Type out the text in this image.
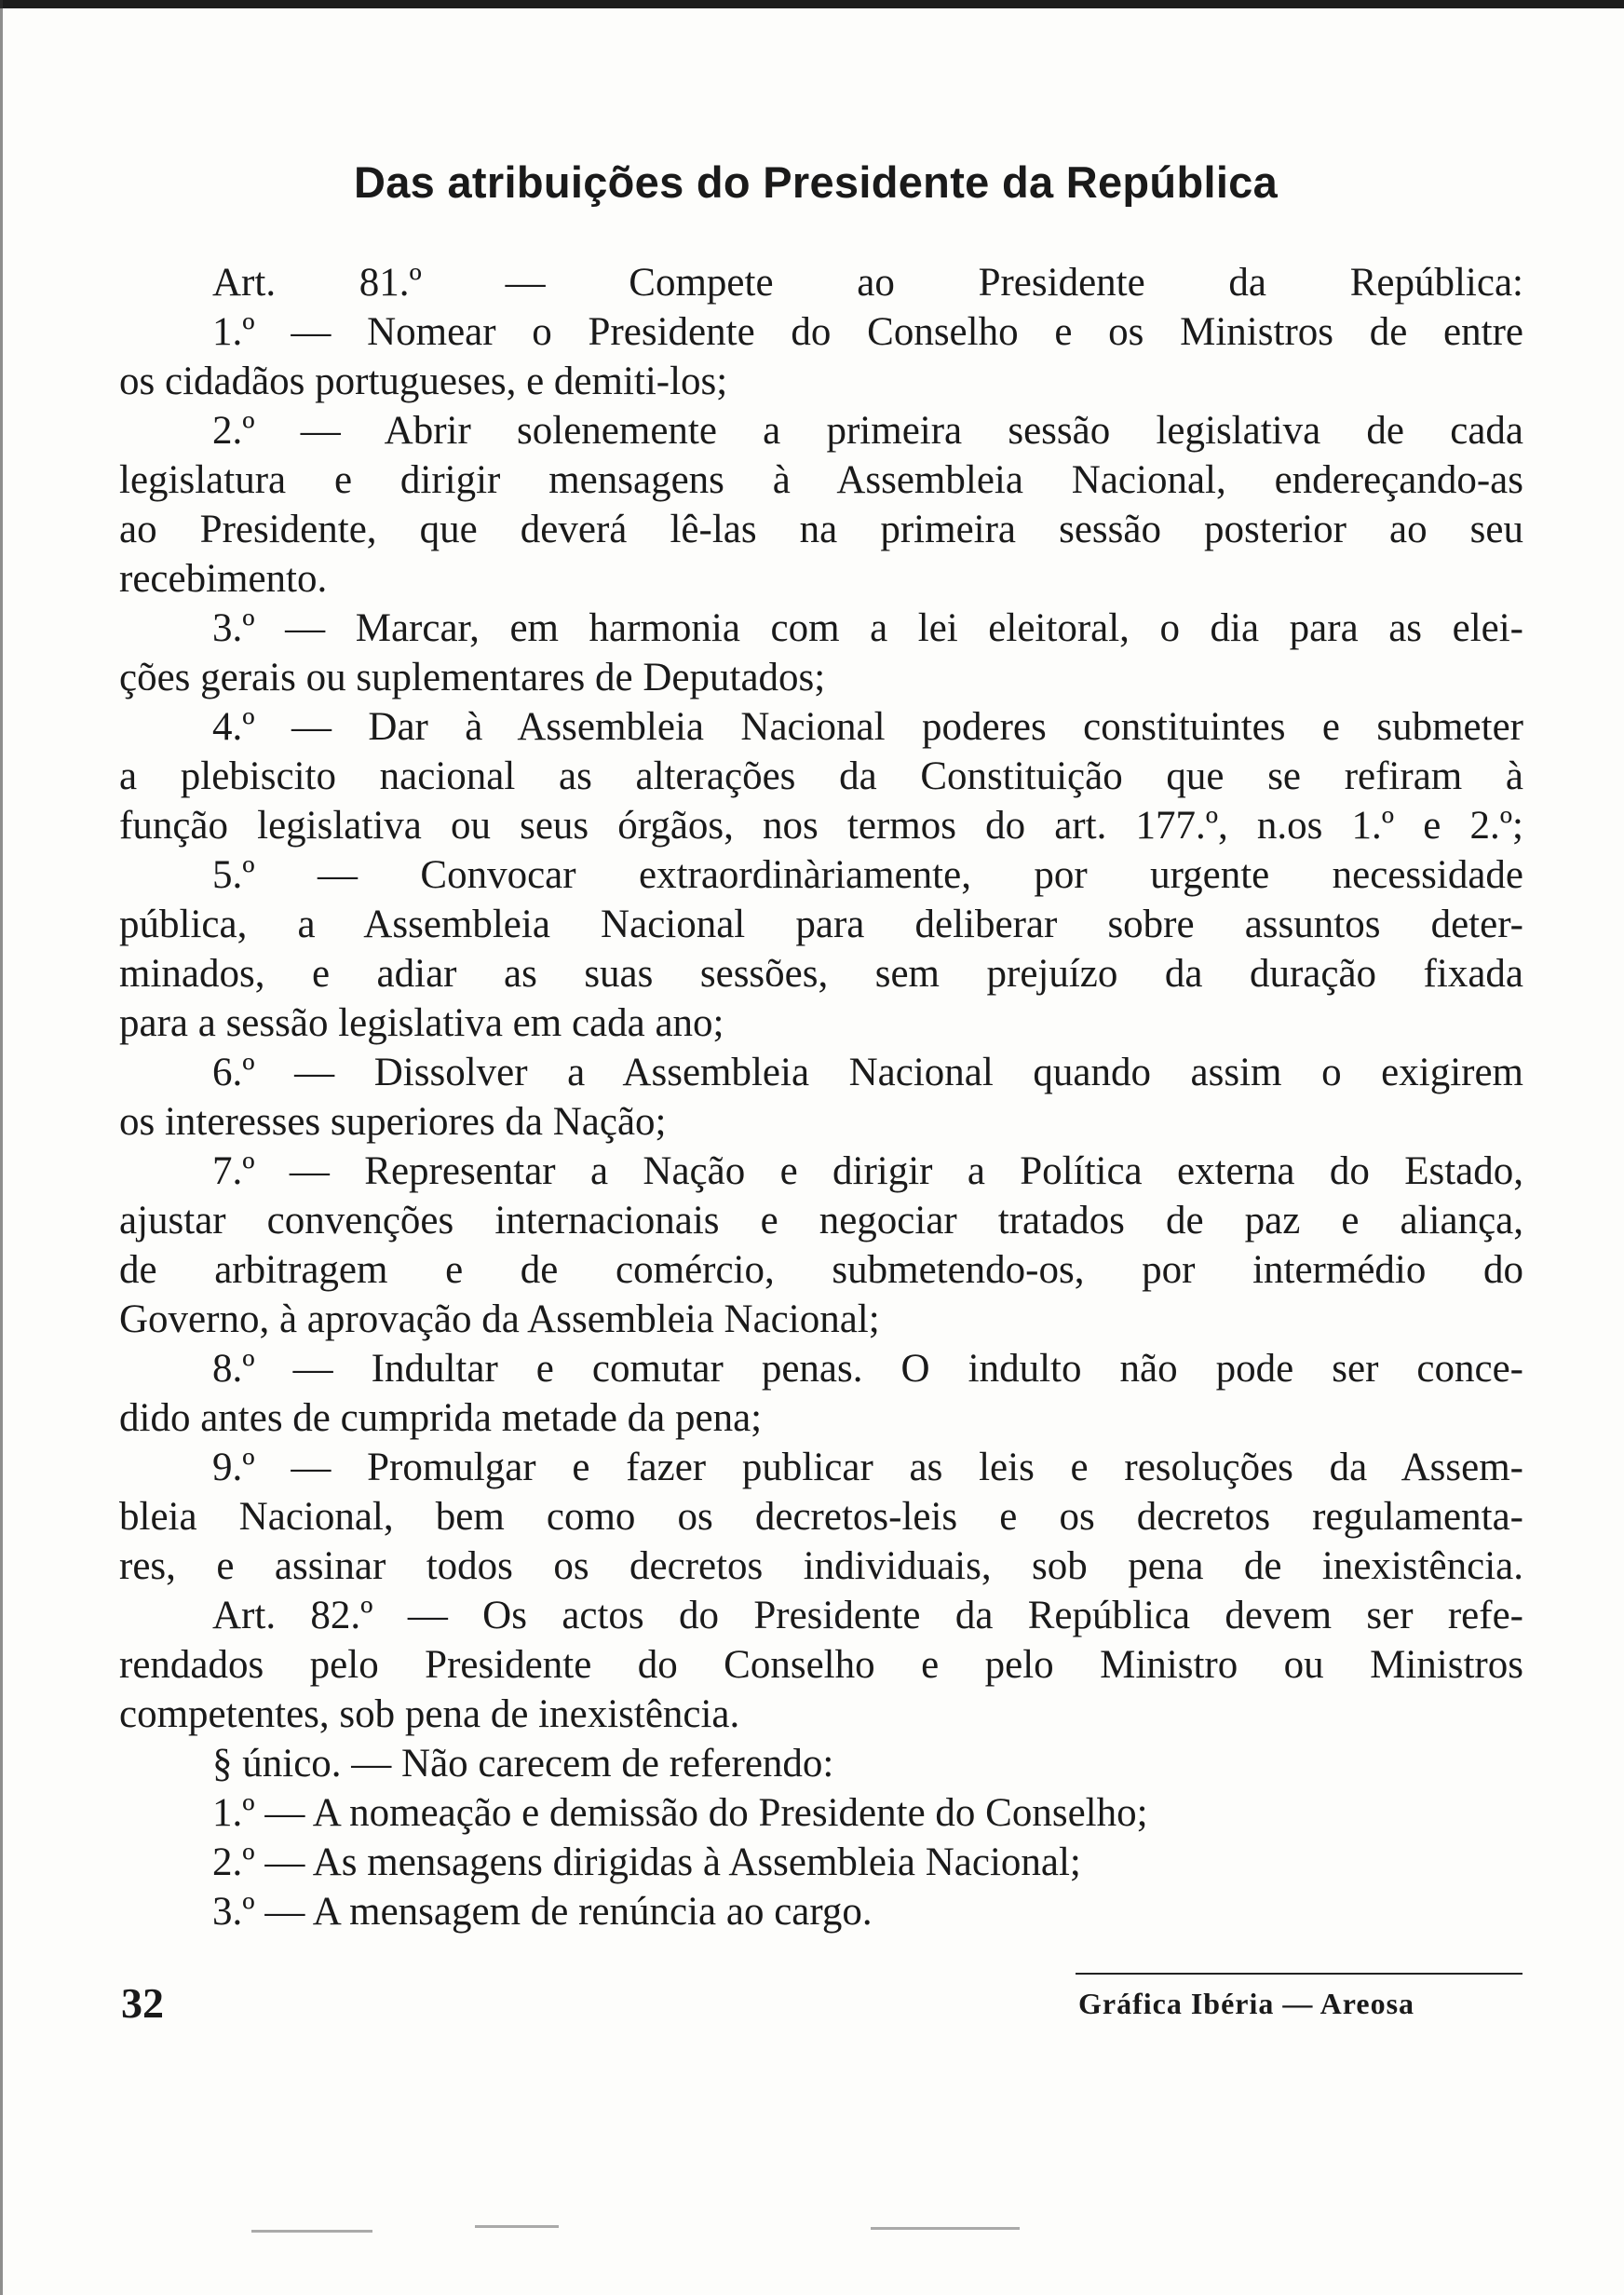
Das atribuições do Presidente da República
Art. 81.º — Compete ao Presidente da República:
1.º — Nomear o Presidente do Conselho e os Ministros de entre
os cidadãos portugueses, e demiti-los;
2.º — Abrir solenemente a primeira sessão legislativa de cada
legislatura e dirigir mensagens à Assembleia Nacional, endereçando-as
ao Presidente, que deverá lê-las na primeira sessão posterior ao seu
recebimento.
3.º — Marcar, em harmonia com a lei eleitoral, o dia para as elei-
ções gerais ou suplementares de Deputados;
4.º — Dar à Assembleia Nacional poderes constituintes e submeter
a plebiscito nacional as alterações da Constituição que se refiram à
função legislativa ou seus órgãos, nos termos do art. 177.º, n.os 1.º e 2.º;
5.º — Convocar extraordinàriamente, por urgente necessidade
pública, a Assembleia Nacional para deliberar sobre assuntos deter-
minados, e adiar as suas sessões, sem prejuízo da duração fixada
para a sessão legislativa em cada ano;
6.º — Dissolver a Assembleia Nacional quando assim o exigirem
os interesses superiores da Nação;
7.º — Representar a Nação e dirigir a Política externa do Estado,
ajustar convenções internacionais e negociar tratados de paz e aliança,
de arbitragem e de comércio, submetendo-os, por intermédio do
Governo, à aprovação da Assembleia Nacional;
8.º — Indultar e comutar penas. O indulto não pode ser conce-
dido antes de cumprida metade da pena;
9.º — Promulgar e fazer publicar as leis e resoluções da Assem-
bleia Nacional, bem como os decretos-leis e os decretos regulamenta-
res, e assinar todos os decretos individuais, sob pena de inexistência.
Art. 82.º — Os actos do Presidente da República devem ser refe-
rendados pelo Presidente do Conselho e pelo Ministro ou Ministros
competentes, sob pena de inexistência.
§ único. — Não carecem de referendo:
1.º — A nomeação e demissão do Presidente do Conselho;
2.º — As mensagens dirigidas à Assembleia Nacional;
3.º — A mensagem de renúncia ao cargo.
32	Gráfica Ibéria — Areosa
